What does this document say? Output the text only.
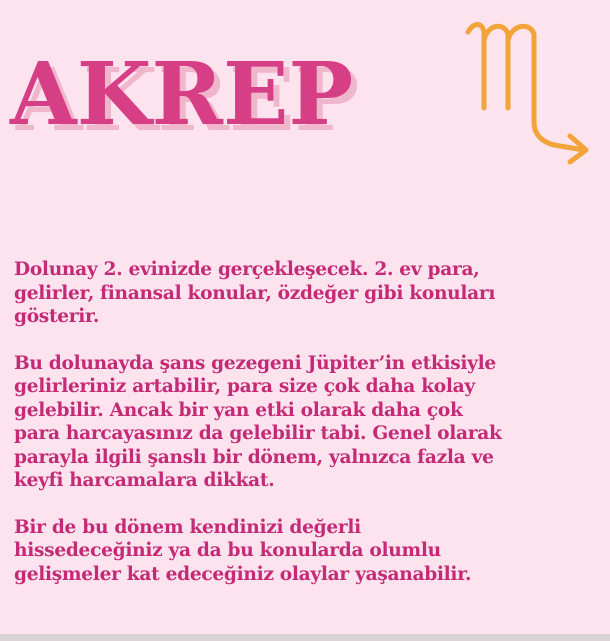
AKREP

Dolunay 2. evinizde gerçekleşecek. 2. ev para,
gelirler, finansal konular, özdeğer gibi konuları
gösterir.

Bu dolunayda şans gezegeni Jüpiter’in etkisiyle
gelirleriniz artabilir, para size çok daha kolay
gelebilir. Ancak bir yan etki olarak daha çok
para harcayasınız da gelebilir tabi. Genel olarak
parayla ilgili şanslı bir dönem, yalnızca fazla ve
keyfi harcamalara dikkat.

Bir de bu dönem kendinizi değerli
hissedeceğiniz ya da bu konularda olumlu
gelişmeler kat edeceğiniz olaylar yaşanabilir.
